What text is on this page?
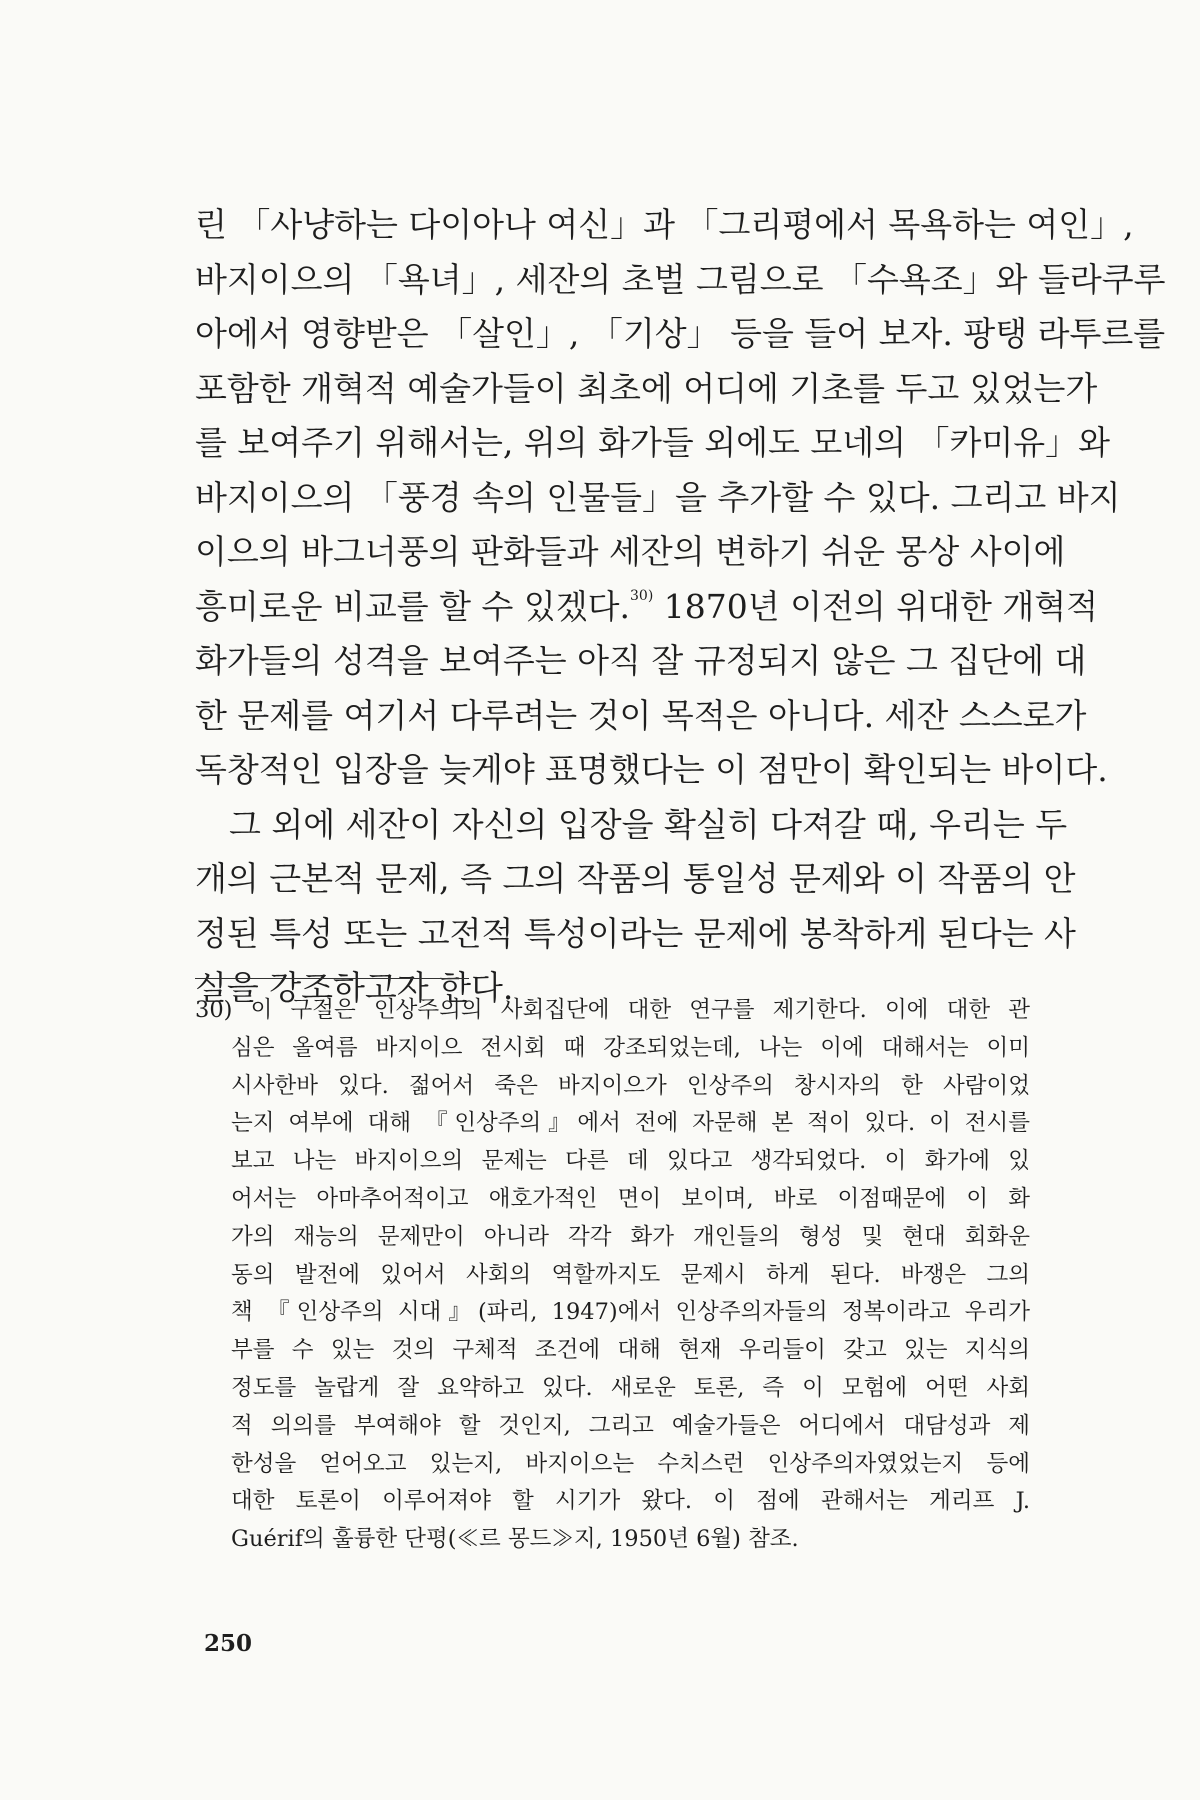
린 「사냥하는 다이아나 여신」과 「그리평에서 목욕하는 여인」,
바지이으의 「욕녀」, 세잔의 초벌 그림으로 「수욕조」와 들라쿠루
아에서 영향받은 「살인」, 「기상」 등을 들어 보자. 팡탱 라투르를
포함한 개혁적 예술가들이 최초에 어디에 기초를 두고 있었는가
를 보여주기 위해서는, 위의 화가들 외에도 모네의 「카미유」와
바지이으의 「풍경 속의 인물들」을 추가할 수 있다. 그리고 바지
이으의 바그너풍의 판화들과 세잔의 변하기 쉬운 몽상 사이에
흥미로운 비교를 할 수 있겠다.$^{30)}$ 1870년 이전의 위대한 개혁적
화가들의 성격을 보여주는 아직 잘 규정되지 않은 그 집단에 대
한 문제를 여기서 다루려는 것이 목적은 아니다. 세잔 스스로가
독창적인 입장을 늦게야 표명했다는 이 점만이 확인되는 바이다.
그 외에 세잔이 자신의 입장을 확실히 다져갈 때, 우리는 두
개의 근본적 문제, 즉 그의 작품의 통일성 문제와 이 작품의 안
정된 특성 또는 고전적 특성이라는 문제에 봉착하게 된다는 사
실을 강조하고자 한다.
30) 이 구절은 인상주의의 사회집단에 대한 연구를 제기한다. 이에 대한 관
심은 올여름 바지이으 전시회 때 강조되었는데, 나는 이에 대해서는 이미
시사한바 있다. 젊어서 죽은 바지이으가 인상주의 창시자의 한 사람이었
는지 여부에 대해 『인상주의』에서 전에 자문해 본 적이 있다. 이 전시를
보고 나는 바지이으의 문제는 다른 데 있다고 생각되었다. 이 화가에 있
어서는 아마추어적이고 애호가적인 면이 보이며, 바로 이점때문에 이 화
가의 재능의 문제만이 아니라 각각 화가 개인들의 형성 및 현대 회화운
동의 발전에 있어서 사회의 역할까지도 문제시 하게 된다. 바쟁은 그의
책 『인상주의 시대』(파리, 1947)에서 인상주의자들의 정복이라고 우리가
부를 수 있는 것의 구체적 조건에 대해 현재 우리들이 갖고 있는 지식의
정도를 놀랍게 잘 요약하고 있다. 새로운 토론, 즉 이 모험에 어떤 사회
적 의의를 부여해야 할 것인지, 그리고 예술가들은 어디에서 대담성과 제
한성을 얻어오고 있는지, 바지이으는 수치스런 인상주의자였었는지 등에
대한 토론이 이루어져야 할 시기가 왔다. 이 점에 관해서는 게리프 J.
Guérif의 훌륭한 단평(≪르 몽드≫지, 1950년 6월) 참조.
250
